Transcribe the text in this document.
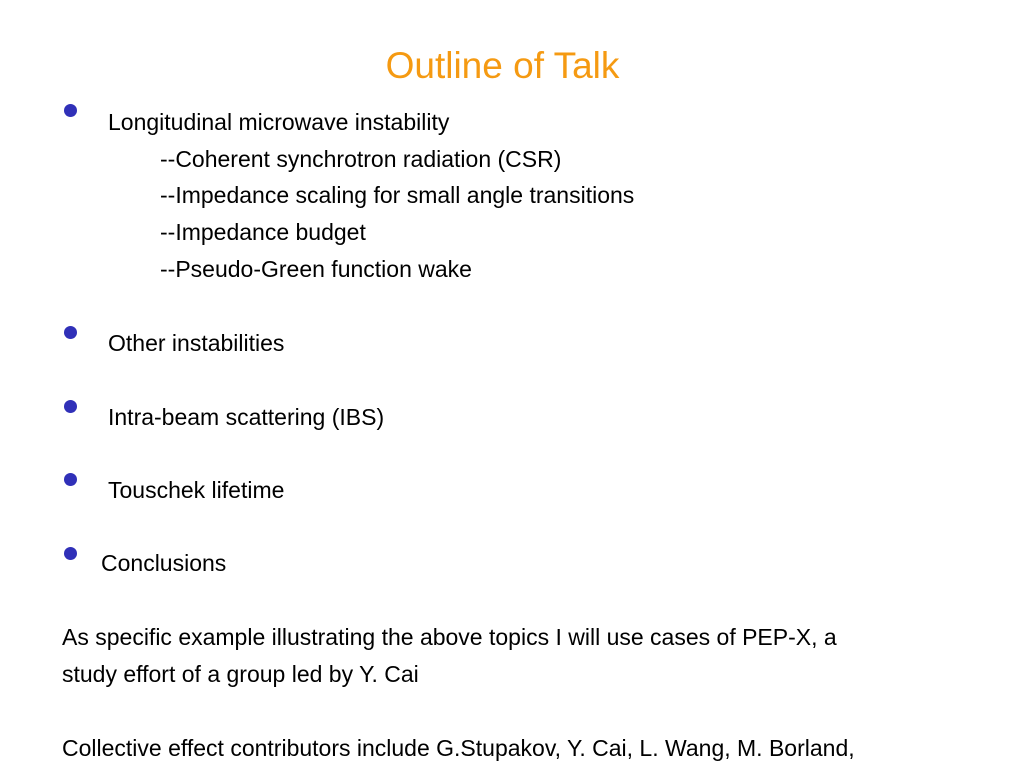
Outline of Talk
Longitudinal microwave instability
--Coherent synchrotron radiation (CSR)
--Impedance scaling for small angle transitions
--Impedance budget
--Pseudo-Green function wake
Other instabilities
Intra-beam scattering (IBS)
Touschek lifetime
Conclusions
As specific example illustrating the above topics I will use cases of PEP-X, a
study effort of a group led by Y. Cai
Collective effect contributors include G.Stupakov, Y. Cai, L. Wang, M. Borland,
